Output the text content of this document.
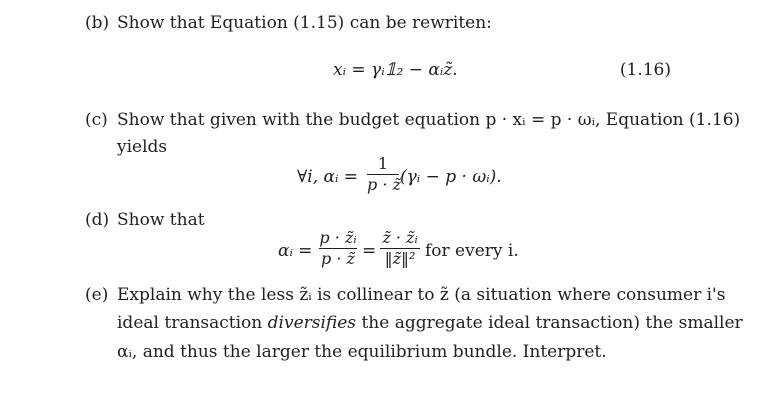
(b) Show that Equation (1.15) can be rewriten:
xᵢ = γᵢ𝟙₂ − αᵢz̃.	(1.16)
(c) Show that given with the budget equation p · xᵢ = p · ωᵢ, Equation (1.16)
yields
∀i, αᵢ =
1
p · z̃ (γᵢ − p · ωᵢ).
(d) Show that
αᵢ =
p · z̃ᵢ
p · z̃ =
z̃ · z̃ᵢ
‖z̃‖² for every i.
(e) Explain why the less z̃ᵢ is collinear to z̃ (a situation where consumer i's
ideal transaction diversifies the aggregate ideal transaction) the smaller
αᵢ, and thus the larger the equilibrium bundle. Interpret.
